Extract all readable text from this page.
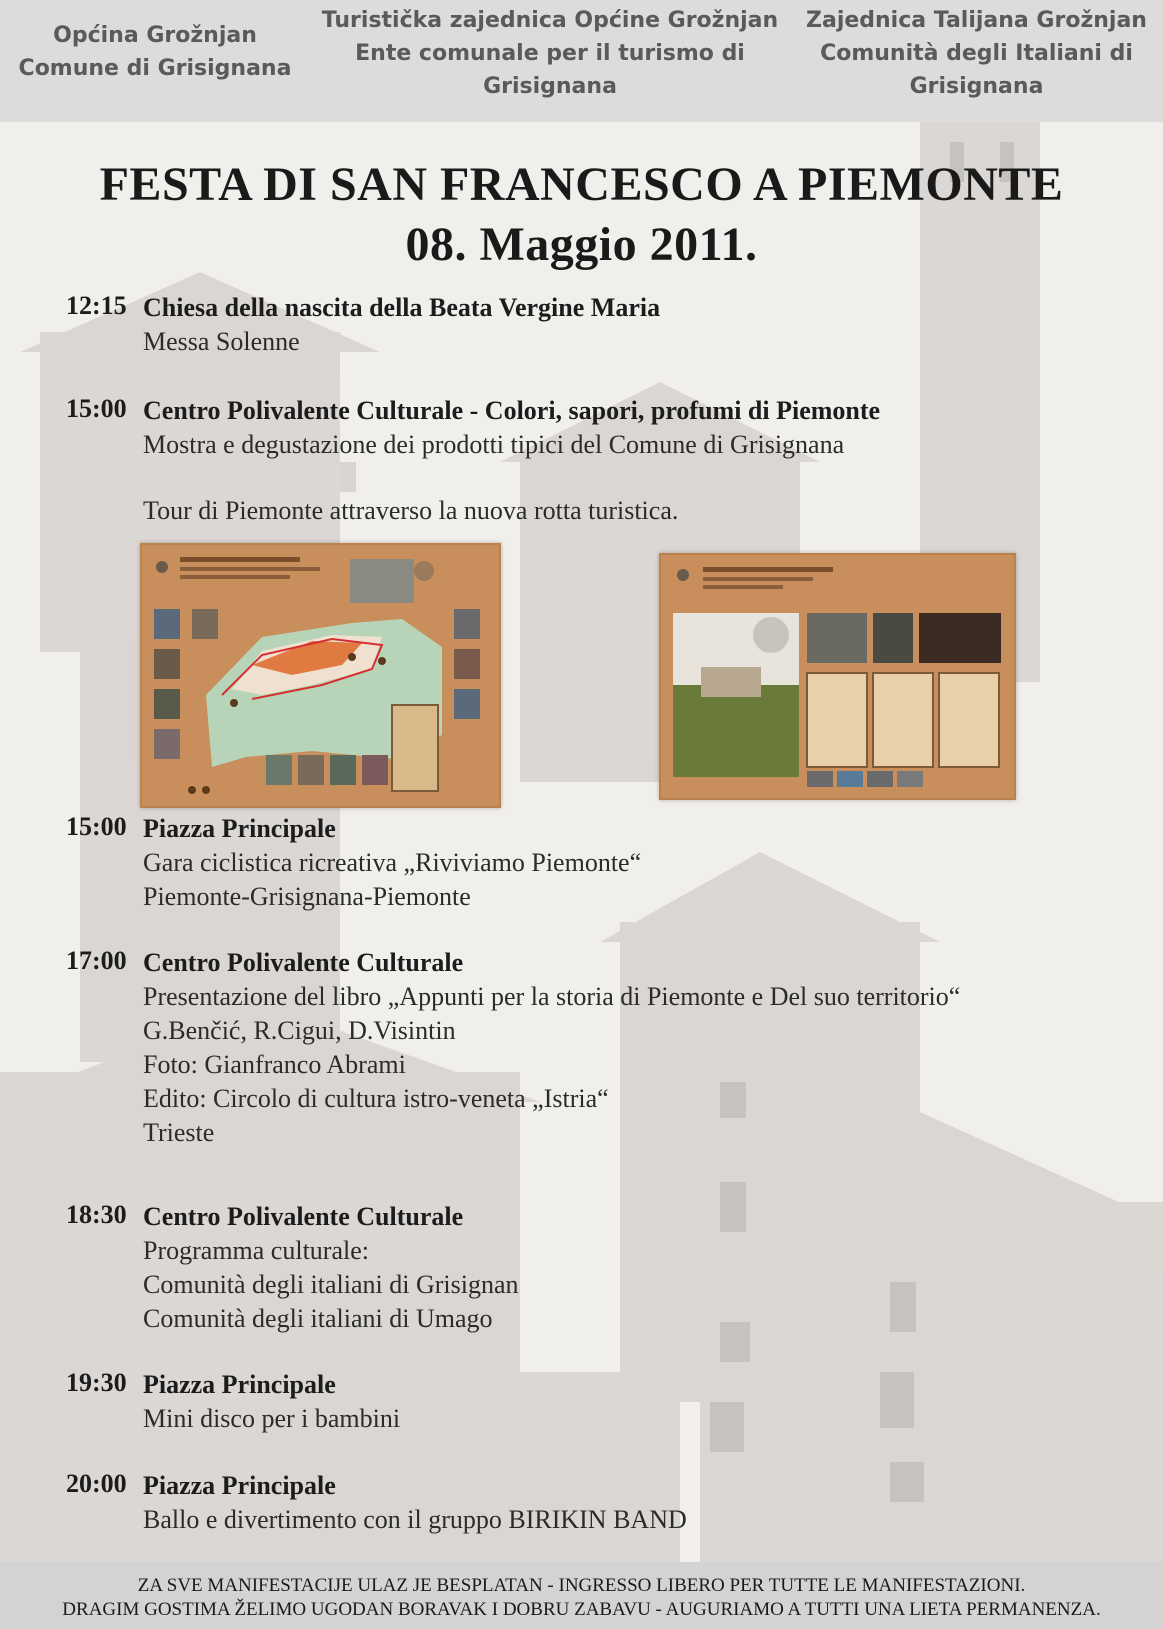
Općina Grožnjan
Comune di Grisignana
Turistička zajednica Općine Grožnjan
Ente comunale per il turismo di
Grisignana
Zajednica Talijana Grožnjan
Comunità degli Italiani di
Grisignana
FESTA DI SAN FRANCESCO A PIEMONTE
08. Maggio 2011.
12:15 Chiesa della nascita della Beata Vergine Maria
Messa Solenne
15:00 Centro Polivalente Culturale - Colori, sapori, profumi di Piemonte
Mostra e degustazione dei prodotti tipici del Comune di Grisignana
Tour di Piemonte attraverso la nuova rotta turistica.
15:00 Piazza Principale
Gara ciclistica ricreativa „Riviviamo Piemonte“
Piemonte-Grisignana-Piemonte
17:00 Centro Polivalente Culturale
Presentazione del libro „Appunti per la storia di Piemonte e Del suo territorio“
G.Benčić, R.Cigui, D.Visintin
Foto: Gianfranco Abrami
Edito: Circolo di cultura istro-veneta „Istria“
Trieste
18:30 Centro Polivalente Culturale
Programma culturale:
Comunità degli italiani di Grisignan
Comunità degli italiani di Umago
19:30 Piazza Principale
Mini disco per i bambini
20:00 Piazza Principale
Ballo e divertimento con il gruppo BIRIKIN BAND
ZA SVE MANIFESTACIJE ULAZ JE BESPLATAN - INGRESSO LIBERO PER TUTTE LE MANIFESTAZIONI.
DRAGIM GOSTIMA ŽELIMO UGODAN BORAVAK I DOBRU ZABAVU - AUGURIAMO A TUTTI UNA LIETA PERMANENZA.
